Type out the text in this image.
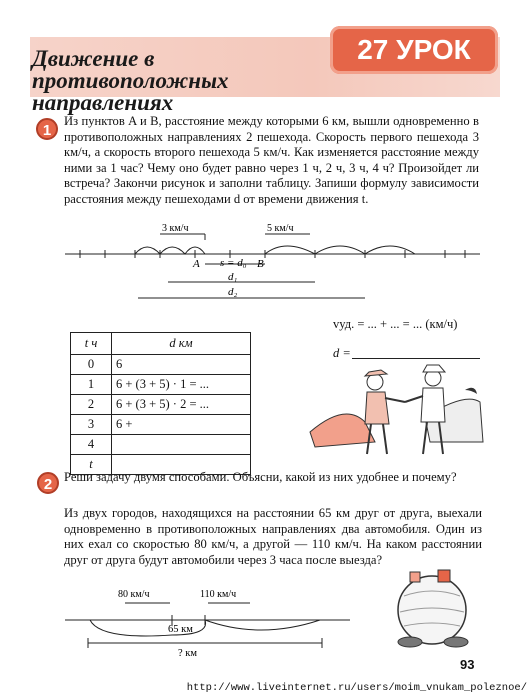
27 УРОК
Движение в
противоположных
направлениях
1
Из пунктов A и B, расстояние между которыми 6 км, вышли одновременно в противоположных направлениях 2 пешехода. Скорость первого пешехода 3 км/ч, а скорость второго пешехода 5 км/ч. Как изменяется расстояние между ними за 1 час? Чему оно будет равно через 1 ч, 2 ч, 3 ч, 4 ч? Произойдет ли встреча? Закончи рисунок и заполни таблицу. Запиши формулу зависимости расстояния между пешеходами d от времени движения t.
3 км/ч	5 км/ч
A	B
s = d₀
d₁
d₂
t ч	d км
0	6
1	6 + (3 + 5) · 1 = ...
2	6 + (3 + 5) · 2 = ...
3	6 +
4	
t	
vуд. = ... + ... = ... (км/ч)
d =
2 Реши задачу двумя способами. Объясни, какой из них удобнее и почему?
Из двух городов, находящихся на расстоянии 65 км друг от друга, выехали одновременно в противоположных направлениях два автомобиля. Один из них ехал со скоростью 80 км/ч, а другой — 110 км/ч. На каком расстоянии друг от друга будут автомобили через 3 часа после выезда?
80 км/ч	110 км/ч
65 км
? км
93
http://www.liveinternet.ru/users/moim_vnukam_poleznoe/
